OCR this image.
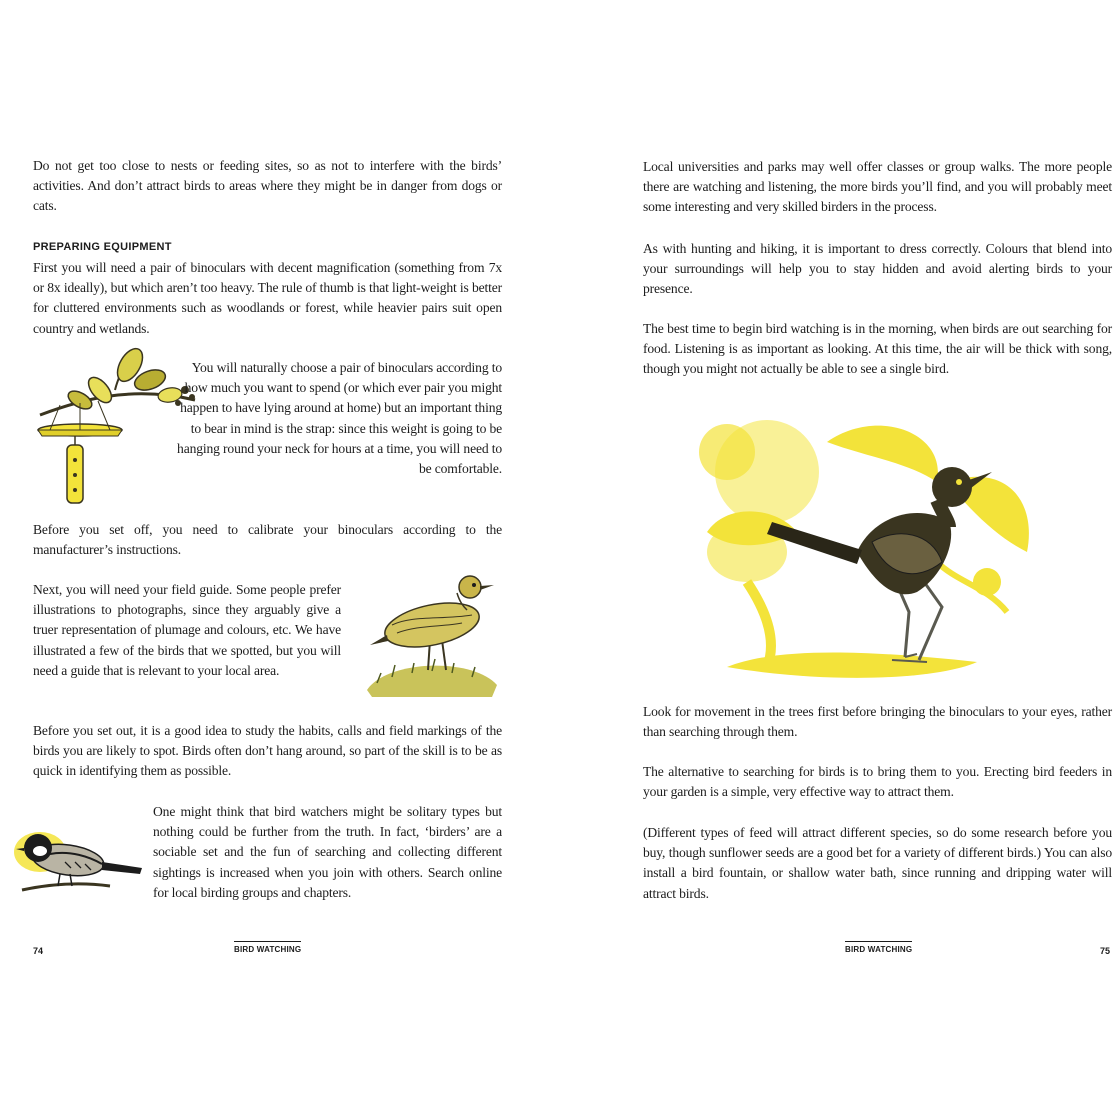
Do not get too close to nests or feeding sites, so as not to interfere with the birds’ activities. And don’t attract birds to areas where they might be in danger from dogs or cats.

PREPARING EQUIPMENT

First you will need a pair of binoculars with decent magnification (something from 7x or 8x ideally), but which aren’t too heavy. The rule of thumb is that light-weight is better for cluttered environments such as woodlands or forest, while heavier pairs suit open country and wetlands.

You will naturally choose a pair of binoculars according to how much you want to spend (or which ever pair you might happen to have lying around at home) but an important thing to bear in mind is the strap: since this weight is going to be hanging round your neck for hours at a time, you will need to be comfortable.

Before you set off, you need to calibrate your binoculars according to the manufacturer’s instructions.

Next, you will need your field guide. Some people prefer illustrations to photographs, since they arguably give a truer representation of plumage and colours, etc. We have illustrated a few of the birds that we spotted, but you will need a guide that is relevant to your local area.

Before you set out, it is a good idea to study the habits, calls and field markings of the birds you are likely to spot. Birds often don’t hang around, so part of the skill is to be as quick in identifying them as possible.

One might think that bird watchers might be solitary types but nothing could be further from the truth. In fact, ‘birders’ are a sociable set and the fun of searching and collecting different sightings is increased when you join with others. Search online for local birding groups and chapters.

74	BIRD WATCHING

Local universities and parks may well offer classes or group walks. The more people there are watching and listening, the more birds you’ll find, and you will probably meet some interesting and very skilled birders in the process.

As with hunting and hiking, it is important to dress correctly. Colours that blend into your surroundings will help you to stay hidden and avoid alerting birds to your presence.

The best time to begin bird watching is in the morning, when birds are out searching for food. Listening is as important as looking. At this time, the air will be thick with song, though you might not actually be able to see a single bird.

Look for movement in the trees first before bringing the binoculars to your eyes, rather than searching through them.

The alternative to searching for birds is to bring them to you. Erecting bird feeders in your garden is a simple, very effective way to attract them.

(Different types of feed will attract different species, so do some research before you buy, though sunflower seeds are a good bet for a variety of different birds.) You can also install a bird fountain, or shallow water bath, since running and dripping water will attract birds.

BIRD WATCHING	75
